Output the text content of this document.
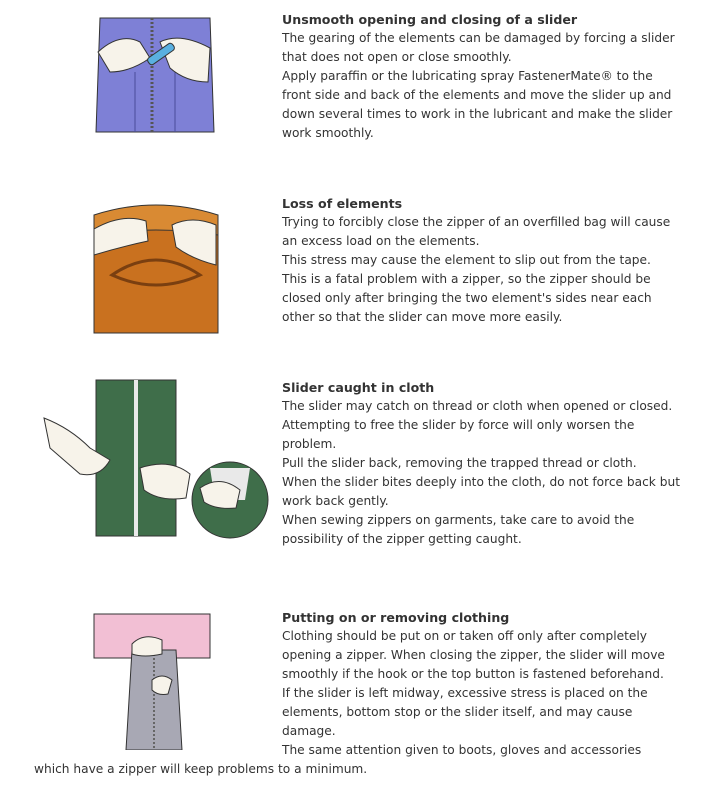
Unsmooth opening and closing of a slider

The gearing of the elements can be damaged by forcing a slider that does not open or close smoothly.

Apply paraffin or the lubricating spray FastenerMate® to the front side and back of the elements and move the slider up and down several times to work in the lubricant and make the slider work smoothly.

Loss of elements

Trying to forcibly close the zipper of an overfilled bag will cause an excess load on the elements.

This stress may cause the element to slip out from the tape.

This is a fatal problem with a zipper, so the zipper should be closed only after bringing the two element's sides near each other so that the slider can move more easily.

Slider caught in cloth

The slider may catch on thread or cloth when opened or closed.

Attempting to free the slider by force will only worsen the problem.

Pull the slider back, removing the trapped thread or cloth.

When the slider bites deeply into the cloth, do not force back but work back gently.

When sewing zippers on garments, take care to avoid the possibility of the zipper getting caught.

Putting on or removing clothing

Clothing should be put on or taken off only after completely opening a zipper. When closing the zipper, the slider will move smoothly if the hook or the top button is fastened beforehand.

If the slider is left midway, excessive stress is placed on the elements, bottom stop or the slider itself, and may cause damage.

The same attention given to boots, gloves and accessories

which have a zipper will keep problems to a minimum.
